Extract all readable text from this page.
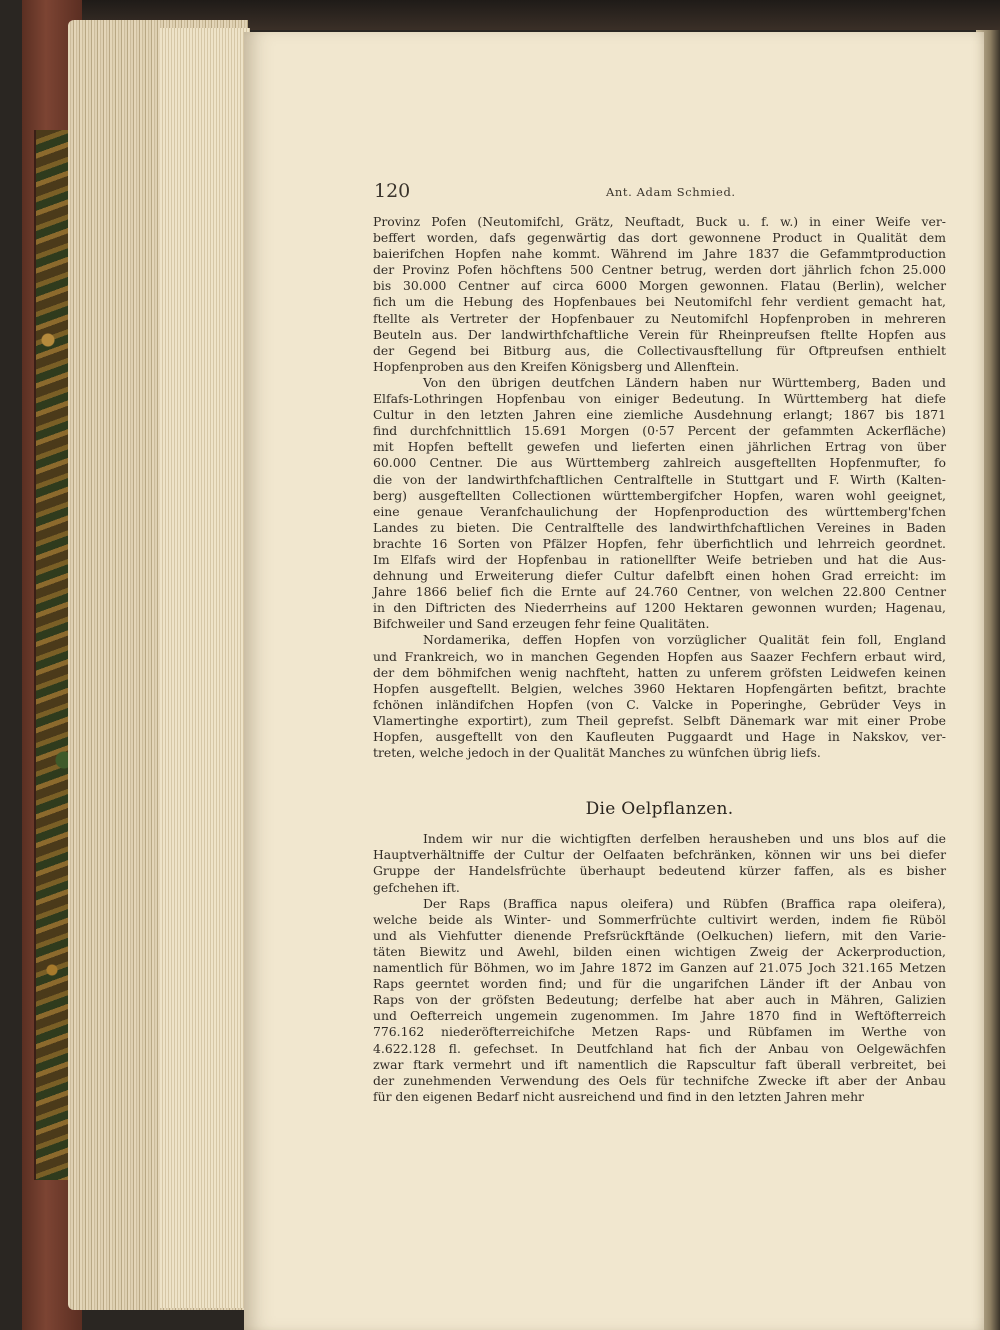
120	Ant. Adam Schmied.

Provinz Pofen (Neutomifchl, Grätz, Neuftadt, Buck u. f. w.) in einer Weife ver-
beffert worden, dafs gegenwärtig das dort gewonnene Product in Qualität dem
baierifchen Hopfen nahe kommt. Während im Jahre 1837 die Gefammtproduction
der Provinz Pofen höchftens 500 Centner betrug, werden dort jährlich fchon 25.000
bis 30.000 Centner auf circa 6000 Morgen gewonnen. Flatau (Berlin), welcher
fich um die Hebung des Hopfenbaues bei Neutomifchl fehr verdient gemacht hat,
ftellte als Vertreter der Hopfenbauer zu Neutomifchl Hopfenproben in mehreren
Beuteln aus. Der landwirthfchaftliche Verein für Rheinpreufsen ftellte Hopfen aus
der Gegend bei Bitburg aus, die Collectivausftellung für Oftpreufsen enthielt
Hopfenproben aus den Kreifen Königsberg und Allenftein.

Von den übrigen deutfchen Ländern haben nur Württemberg, Baden und
Elfafs-Lothringen Hopfenbau von einiger Bedeutung. In Württemberg hat diefe
Cultur in den letzten Jahren eine ziemliche Ausdehnung erlangt; 1867 bis 1871
find durchfchnittlich 15.691 Morgen (0·57 Percent der gefammten Ackerfläche)
mit Hopfen beftellt gewefen und lieferten einen jährlichen Ertrag von über
60.000 Centner. Die aus Württemberg zahlreich ausgeftellten Hopfenmufter, fo
die von der landwirthfchaftlichen Centralftelle in Stuttgart und F. Wirth (Kalten-
berg) ausgeftellten Collectionen württembergifcher Hopfen, waren wohl geeignet,
eine genaue Veranfchaulichung der Hopfenproduction des württemberg'fchen
Landes zu bieten. Die Centralftelle des landwirthfchaftlichen Vereines in Baden
brachte 16 Sorten von Pfälzer Hopfen, fehr überfichtlich und lehrreich geordnet.
Im Elfafs wird der Hopfenbau in rationellfter Weife betrieben und hat die Aus-
dehnung und Erweiterung diefer Cultur dafelbft einen hohen Grad erreicht: im
Jahre 1866 belief fich die Ernte auf 24.760 Centner, von welchen 22.800 Centner
in den Diftricten des Niederrheins auf 1200 Hektaren gewonnen wurden; Hagenau,
Bifchweiler und Sand erzeugen fehr feine Qualitäten.

Nordamerika, deffen Hopfen von vorzüglicher Qualität fein foll, England
und Frankreich, wo in manchen Gegenden Hopfen aus Saazer Fechfern erbaut wird,
der dem böhmifchen wenig nachfteht, hatten zu unferem gröfsten Leidwefen keinen
Hopfen ausgeftellt. Belgien, welches 3960 Hektaren Hopfengärten befitzt, brachte
fchönen inländifchen Hopfen (von C. Valcke in Poperinghe, Gebrüder Veys in
Vlamertinghe exportirt), zum Theil geprefst. Selbft Dänemark war mit einer Probe
Hopfen, ausgeftellt von den Kaufleuten Puggaardt und Hage in Nakskov, ver-
treten, welche jedoch in der Qualität Manches zu wünfchen übrig liefs.

Die Oelpflanzen.

Indem wir nur die wichtigften derfelben herausheben und uns blos auf die
Hauptverhältniffe der Cultur der Oelfaaten befchränken, können wir uns bei diefer
Gruppe der Handelsfrüchte überhaupt bedeutend kürzer faffen, als es bisher
gefchehen ift.

Der Raps (Braffica napus oleifera) und Rübfen (Braffica rapa oleifera),
welche beide als Winter- und Sommerfrüchte cultivirt werden, indem fie Rüböl
und als Viehfutter dienende Prefsrückftände (Oelkuchen) liefern, mit den Varie-
täten Biewitz und Awehl, bilden einen wichtigen Zweig der Ackerproduction,
namentlich für Böhmen, wo im Jahre 1872 im Ganzen auf 21.075 Joch 321.165 Metzen
Raps geerntet worden find; und für die ungarifchen Länder ift der Anbau von
Raps von der gröfsten Bedeutung; derfelbe hat aber auch in Mähren, Galizien
und Oefterreich ungemein zugenommen. Im Jahre 1870 find in Weftöfterreich
776.162 niederöfterreichifche Metzen Raps- und Rübfamen im Werthe von
4.622.128 fl. gefechset. In Deutfchland hat fich der Anbau von Oelgewächfen
zwar ftark vermehrt und ift namentlich die Rapscultur faft überall verbreitet, bei
der zunehmenden Verwendung des Oels für technifche Zwecke ift aber der Anbau
für den eigenen Bedarf nicht ausreichend und find in den letzten Jahren mehr
